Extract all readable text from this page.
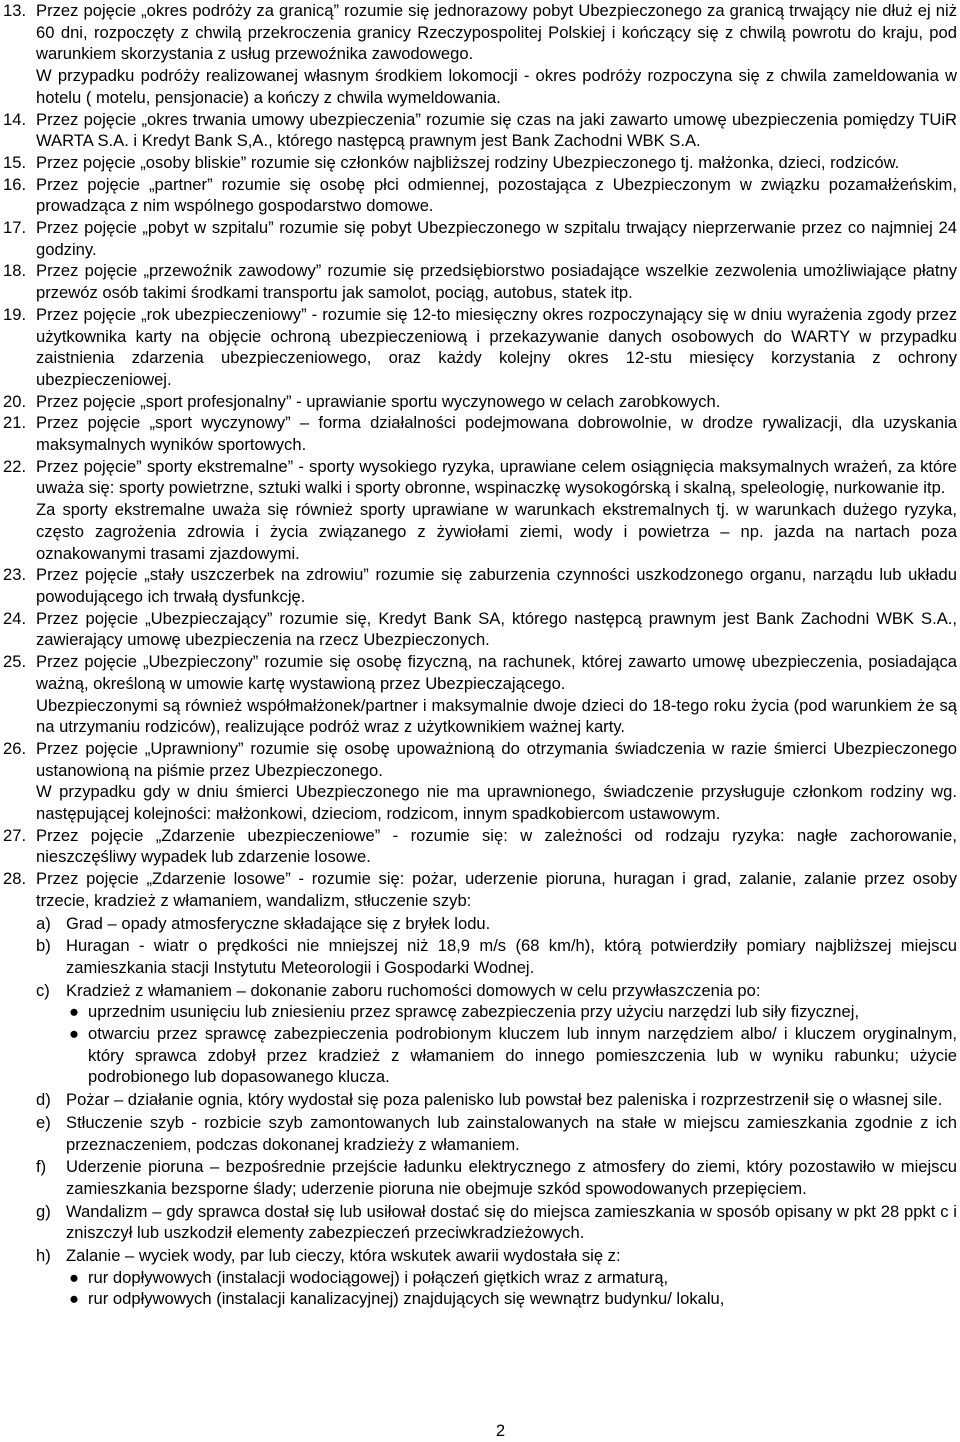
13. Przez pojęcie „okres podróży za granicą” rozumie się jednorazowy pobyt Ubezpieczonego za granicą trwający nie dłuż ej niż 60 dni, rozpoczęty z chwilą przekroczenia granicy Rzeczypospolitej Polskiej i kończący się z chwilą powrotu do kraju, pod warunkiem skorzystania z usług przewoźnika zawodowego.

W przypadku podróży realizowanej własnym środkiem lokomocji - okres podróży rozpoczyna się z chwila zameldowania w hotelu ( motelu, pensjonacie) a kończy z chwila wymeldowania.

14. Przez pojęcie „okres trwania umowy ubezpieczenia” rozumie się czas na jaki zawarto umowę ubezpieczenia pomiędzy TUiR WARTA S.A. i Kredyt Bank S,A., którego następcą prawnym jest Bank Zachodni WBK S.A.

15. Przez pojęcie „osoby bliskie” rozumie się członków najbliższej rodziny Ubezpieczonego tj. małżonka, dzieci, rodziców.

16. Przez pojęcie „partner” rozumie się osobę płci odmiennej, pozostająca z Ubezpieczonym w związku pozamałżeńskim, prowadząca z nim wspólnego gospodarstwo domowe.

17. Przez pojęcie „pobyt w szpitalu” rozumie się pobyt Ubezpieczonego w szpitalu trwający nieprzerwanie przez co najmniej 24 godziny.

18. Przez pojęcie „przewoźnik zawodowy” rozumie się przedsiębiorstwo posiadające wszelkie zezwolenia umożliwiające płatny przewóz osób takimi środkami transportu jak samolot, pociąg, autobus, statek itp.

19. Przez pojęcie „rok ubezpieczeniowy” - rozumie się 12-to miesięczny okres rozpoczynający się w dniu wyrażenia zgody przez użytkownika karty na objęcie ochroną ubezpieczeniową i przekazywanie danych osobowych do WARTY w przypadku zaistnienia zdarzenia ubezpieczeniowego, oraz każdy kolejny okres 12-stu miesięcy korzystania z ochrony ubezpieczeniowej.

20. Przez pojęcie „sport profesjonalny” - uprawianie sportu wyczynowego w celach zarobkowych.

21. Przez pojęcie „sport wyczynowy” – forma działalności podejmowana dobrowolnie, w drodze rywalizacji, dla uzyskania maksymalnych wyników sportowych.

22. Przez pojęcie” sporty ekstremalne” - sporty wysokiego ryzyka, uprawiane celem osiągnięcia maksymalnych wrażeń, za które uważa się: sporty powietrzne, sztuki walki i sporty obronne, wspinaczkę wysokogórską i skalną, speleologię, nurkowanie itp.

Za sporty ekstremalne uważa się również sporty uprawiane w warunkach ekstremalnych tj. w warunkach dużego ryzyka, często zagrożenia zdrowia i życia związanego z żywiołami ziemi, wody i powietrza – np. jazda na nartach poza oznakowanymi trasami zjazdowymi.

23. Przez pojęcie „stały uszczerbek na zdrowiu” rozumie się zaburzenia czynności uszkodzonego organu, narządu lub układu powodującego ich trwałą dysfunkcję.

24. Przez pojęcie „Ubezpieczający” rozumie się, Kredyt Bank SA, którego następcą prawnym jest Bank Zachodni WBK S.A., zawierający umowę ubezpieczenia na rzecz Ubezpieczonych.

25. Przez pojęcie „Ubezpieczony” rozumie się osobę fizyczną, na rachunek, której zawarto umowę ubezpieczenia, posiadająca ważną, określoną w umowie kartę wystawioną przez Ubezpieczającego.

Ubezpieczonymi są również współmałżonek/partner i maksymalnie dwoje dzieci do 18-tego roku życia (pod warunkiem że są na utrzymaniu rodziców), realizujące podróż wraz z użytkownikiem ważnej karty.

26. Przez pojęcie „Uprawniony” rozumie się osobę upoważnioną do otrzymania świadczenia w razie śmierci Ubezpieczonego ustanowioną na piśmie przez Ubezpieczonego.

W przypadku gdy w dniu śmierci Ubezpieczonego nie ma uprawnionego, świadczenie przysługuje członkom rodziny wg. następującej kolejności: małżonkowi, dzieciom, rodzicom, innym spadkobiercom ustawowym.

27. Przez pojęcie „Zdarzenie ubezpieczeniowe” - rozumie się: w zależności od rodzaju ryzyka: nagłe zachorowanie, nieszczęśliwy wypadek lub zdarzenie losowe.

28. Przez pojęcie „Zdarzenie losowe” - rozumie się: pożar, uderzenie pioruna, huragan i grad, zalanie, zalanie przez osoby trzecie, kradzież z włamaniem, wandalizm, stłuczenie szyb:

a) Grad – opady atmosferyczne składające się z bryłek lodu.

b) Huragan - wiatr o prędkości nie mniejszej niż 18,9 m/s (68 km/h), którą potwierdziły pomiary najbliższej miejscu zamieszkania stacji Instytutu Meteorologii i Gospodarki Wodnej.

c) Kradzież z włamaniem – dokonanie zaboru ruchomości domowych w celu przywłaszczenia po:

● uprzednim usunięciu lub zniesieniu przez sprawcę zabezpieczenia przy użyciu narzędzi lub siły fizycznej,
● otwarciu przez sprawcę zabezpieczenia podrobionym kluczem lub innym narzędziem albo/ i kluczem oryginalnym, który sprawca zdobył przez kradzież z włamaniem do innego pomieszczenia lub w wyniku rabunku; użycie podrobionego lub dopasowanego klucza.
d) Pożar – działanie ognia, który wydostał się poza palenisko lub powstał bez paleniska i rozprzestrzenił się o własnej sile.

e) Stłuczenie szyb - rozbicie szyb zamontowanych lub zainstalowanych na stałe w miejscu zamieszkania zgodnie z ich przeznaczeniem, podczas dokonanej kradzieży z włamaniem.

f)	Uderzenie pioruna – bezpośrednie przejście ładunku elektrycznego z atmosfery do ziemi, który pozostawiło w miejscu zamieszkania bezsporne ślady; uderzenie pioruna nie obejmuje szkód spowodowanych przepięciem.

g) Wandalizm – gdy sprawca dostał się lub usiłował dostać się do miejsca zamieszkania w sposób opisany w pkt 28 ppkt c i zniszczył lub uszkodził elementy zabezpieczeń przeciwkradzieżowych.

h) Zalanie – wyciek wody, par lub cieczy, która wskutek awarii wydostała się z:

● rur dopływowych (instalacji wodociągowej) i połączeń giętkich wraz z armaturą,
● rur odpływowych (instalacji kanalizacyjnej) znajdujących się wewnątrz budynku/ lokalu,
2
